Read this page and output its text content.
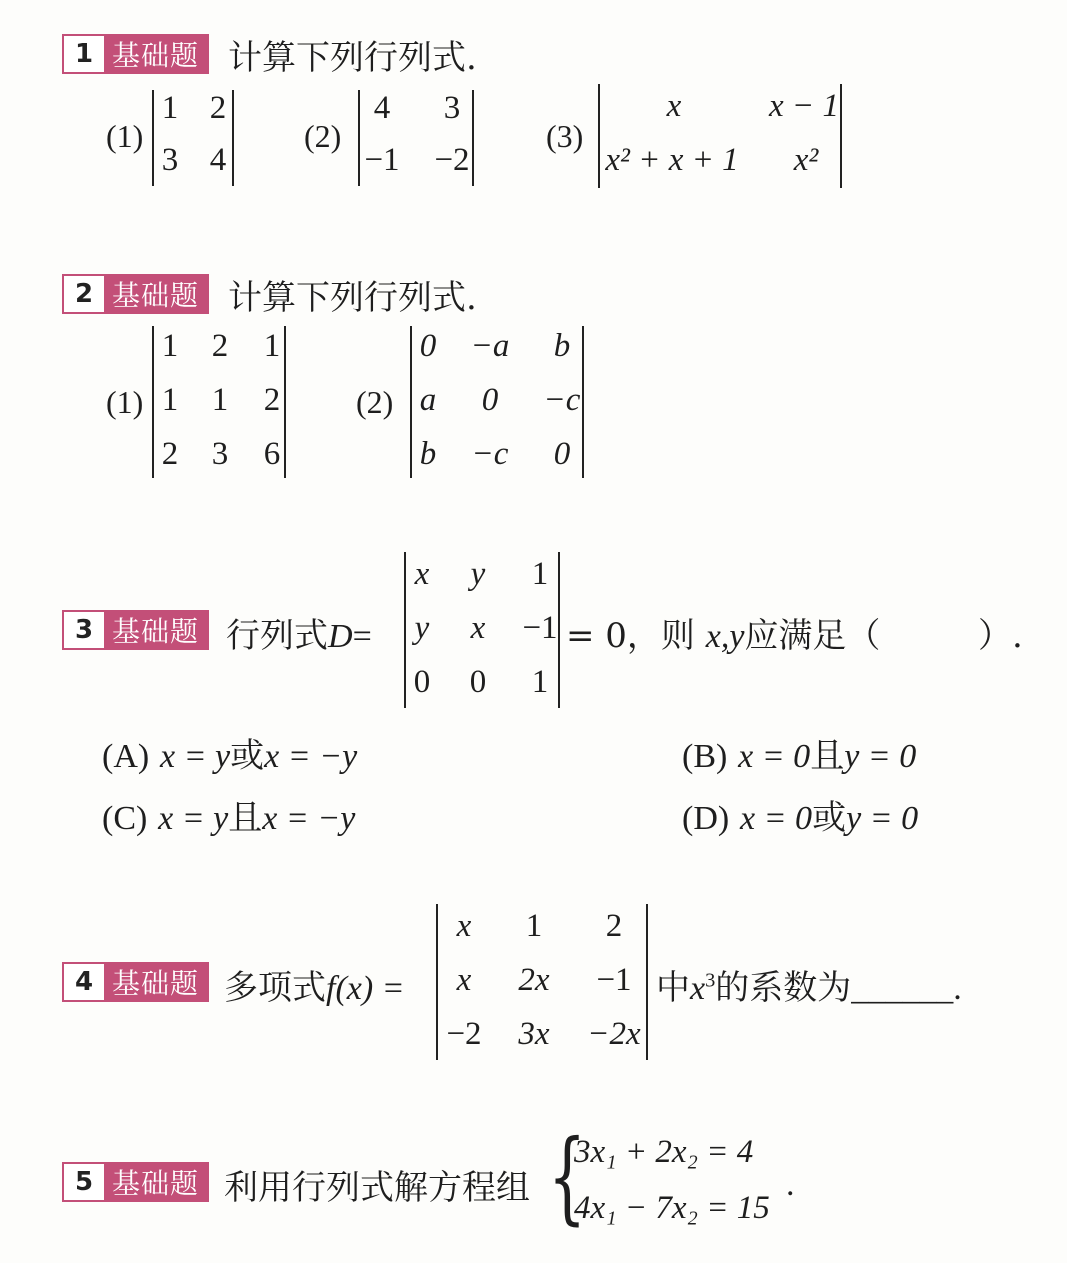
1 基础题 计算下列行列式.
(1)
1 2
3 4
(2)
4 3
−1 −2
(3)
x	x − 1
x² + x + 1 x²
2 基础题 计算下列行列式.
(1)
1 2 1
1 1 2
2 3 6
(2)
0 −a b
a 0 −c
b −c 0
3 基础题 行列式D=
x y 1
y x −1
0 0 1
= 0，则 x,y应满足（	）.
(A) x = y或x = −y	(B) x = 0且y = 0
(C) x = y且x = −y	(D) x = 0或y = 0
4 基础题 多项式f(x) =
x 1 2
x 2x −1
−2 3x −2x
中$x^3$的系数为______.
5 基础题 利用行列式解方程组 {
3x₁ + 2x₂ = 4
4x₁ − 7x₂ = 15
.
